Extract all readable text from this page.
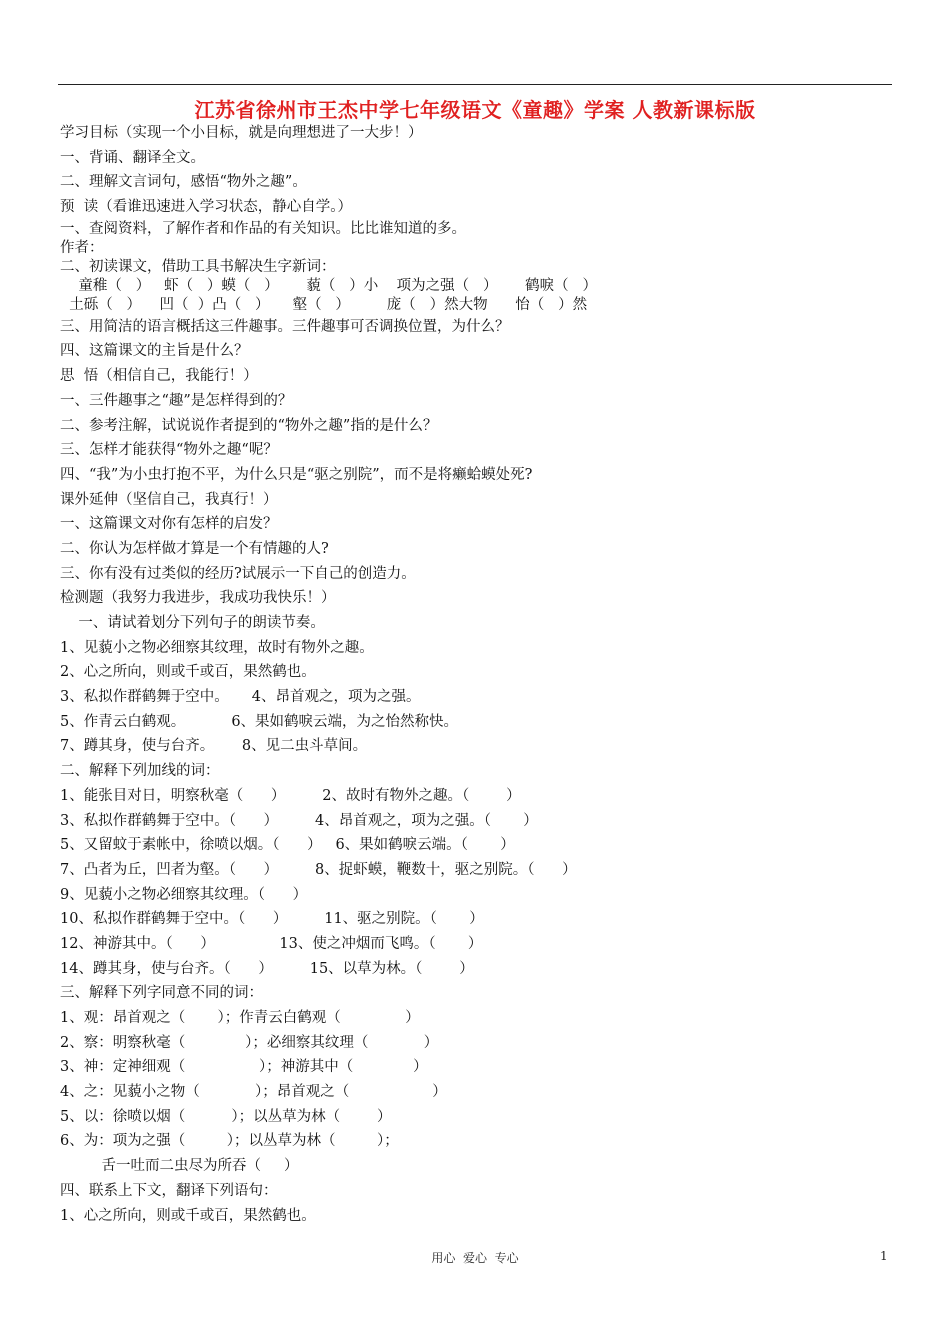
江苏省徐州市王杰中学七年级语文《童趣》学案 人教新课标版
学习目标（实现一个小目标，就是向理想进了一大步！）
一、背诵、翻译全文。
二、理解文言词句，感悟“物外之趣”。
预  读（看谁迅速进入学习状态，静心自学。）
一、查阅资料，了解作者和作品的有关知识。比比谁知道的多。
作者：
二、初读课文，借助工具书解决生字新词：
童稚（   ）   虾（   ）蟆（   ）      藐（   ）小    项为之强（   ）      鹤唳（   ）
土砾（   ）    凹（  ）凸（   ）     壑（   ）        庞（   ）然大物      怡（   ）然
三、用简洁的语言概括这三件趣事。三件趣事可否调换位置，为什么？
四、这篇课文的主旨是什么？
思  悟（相信自己，我能行！）
一、三件趣事之“趣”是怎样得到的？
二、参考注解，试说说作者提到的“物外之趣”指的是什么？
三、怎样才能获得“物外之趣“呢？
四、“我”为小虫打抱不平，为什么只是“驱之别院”，而不是将癞蛤蟆处死?
课外延伸（坚信自己，我真行！）
一、这篇课文对你有怎样的启发？
二、你认为怎样做才算是一个有情趣的人?
三、你有没有过类似的经历?试展示一下自己的创造力。
检测题（我努力我进步，我成功我快乐！）
一、请试着划分下列句子的朗读节奏。
1、见藐小之物必细察其纹理，故时有物外之趣。
2、心之所向，则或千或百，果然鹤也。
3、私拟作群鹤舞于空中。     4、昂首观之，项为之强。
5、作青云白鹤观。          6、果如鹤唳云端，为之怡然称快。
7、蹲其身，使与台齐。      8、见二虫斗草间。
二、解释下列加线的词：
1、能张目对日，明察秋毫（      ）        2、故时有物外之趣。（        ）
3、私拟作群鹤舞于空中。（      ）        4、昂首观之，项为之强。（       ）
5、又留蚊于素帐中，徐喷以烟。（      ）   6、果如鹤唳云端。（       ）
7、凸者为丘，凹者为壑。（      ）        8、捉虾蟆，鞭数十，驱之别院。（      ）
9、见藐小之物必细察其纹理。（      ）
10、私拟作群鹤舞于空中。（      ）        11、驱之别院。（       ）
12、神游其中。（      ）              13、使之冲烟而飞鸣。（       ）
14、蹲其身，使与台齐。（      ）        15、以草为林。（        ）
三、解释下列字同意不同的词：
1、观：昂首观之（       ）；作青云白鹤观（              ）
2、察：明察秋毫（             ）；必细察其纹理（            ）
3、神：定神细观（                ）；神游其中（             ）
4、之：见藐小之物（            ）；昂首观之（                  ）
5、以：徐喷以烟（          ）；以丛草为林（        ）
6、为：项为之强（         ）；以丛草为林（         ）；
舌一吐而二虫尽为所吞（     ）
四、联系上下文，翻译下列语句：
1、心之所向，则或千或百，果然鹤也。
用心  爱心  专心	1
